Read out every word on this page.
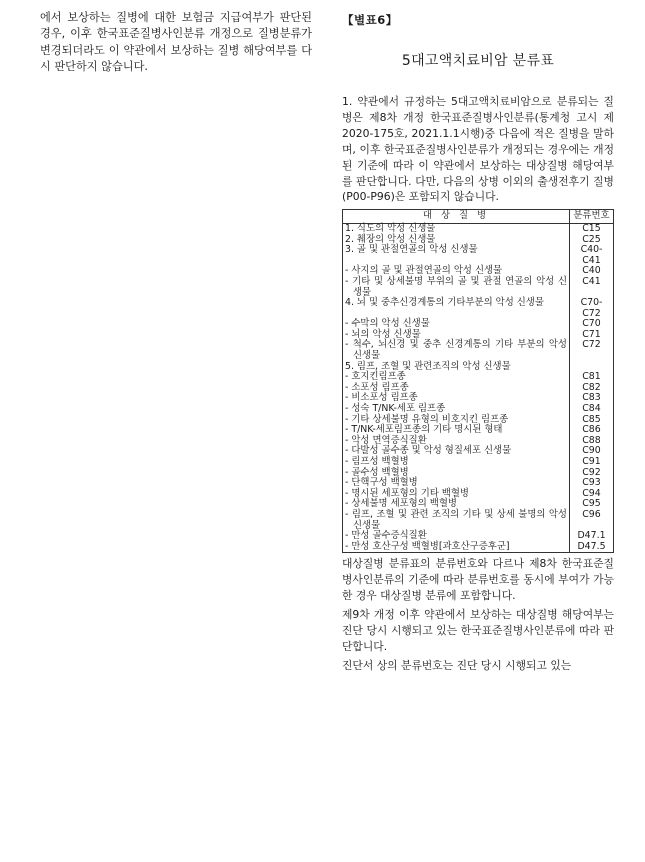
에서 보상하는 질병에 대한 보험금 지급여부가 판단된 경우, 이후 한국표준질병사인분류 개정으로 질병분류가 변경되더라도 이 약관에서 보상하는 질병 해당여부를 다시 판단하지 않습니다.

【별표6】
5대고액치료비암 분류표

1. 약관에서 규정하는 5대고액치료비암으로 분류되는 질병은 제8차 개정 한국표준질병사인분류(통계청 고시 제2020-175호, 2021.1.1시행)중 다음에 적은 질병을 말하며, 이후 한국표준질병사인분류가 개정되는 경우에는 개정된 기준에 따라 이 약관에서 보상하는 대상질병 해당여부를 판단합니다. 다만, 다음의 상병 이외의 출생전후기 질병(P00-P96)은 포함되지 않습니다.

대 상 질 병	분류번호
1. 식도의 악성 신생물	C15
2. 췌장의 악성 신생물	C25
3. 골 및 관절연골의 악성 신생물	C40-C41
- 사지의 골 및 관절연골의 악성 신생물	C40
- 기타 및 상세불명 부위의 골 및 관절 연골의 악성 신생물	C41
4. 뇌 및 중추신경계통의 기타부분의 악성 신생물	C70-C72
- 수막의 악성 신생물	C70
- 뇌의 악성 신생물	C71
- 척수, 뇌신경 및 중추 신경계통의 기타 부분의 악성 신생물	C72
5. 림프, 조혈 및 관련조직의 악성 신생물	
- 호지킨림프종	C81
- 소포성 림프종	C82
- 비소포성 림프종	C83
- 성숙 T/NK-세포 림프종	C84
- 기타 상세불명 유형의 비호지킨 림프종	C85
- T/NK-세포림프종의 기타 명시된 형태	C86
- 악성 면역증식질환	C88
- 다발성 골수종 및 악성 형질세포 신생물	C90
- 림프성 백혈병	C91
- 골수성 백혈병	C92
- 단핵구성 백혈병	C93
- 명시된 세포형의 기타 백혈병	C94
- 상세불명 세포형의 백혈병	C95
- 림프, 조혈 및 관련 조직의 기타 및 상세 불명의 악성 신생물	C96
- 만성 골수증식질환	D47.1
- 만성 호산구성 백혈병[과호산구증후군]	D47.5

대상질병 분류표의 분류번호와 다르나 제8차 한국표준질병사인분류의 기준에 따라 분류번호를 동시에 부여가 가능한 경우 대상질병 분류에 포함합니다.

제9차 개정 이후 약관에서 보상하는 대상질병 해당여부는 진단 당시 시행되고 있는 한국표준질병사인분류에 따라 판단합니다.

진단서 상의 분류번호는 진단 당시 시행되고 있는
